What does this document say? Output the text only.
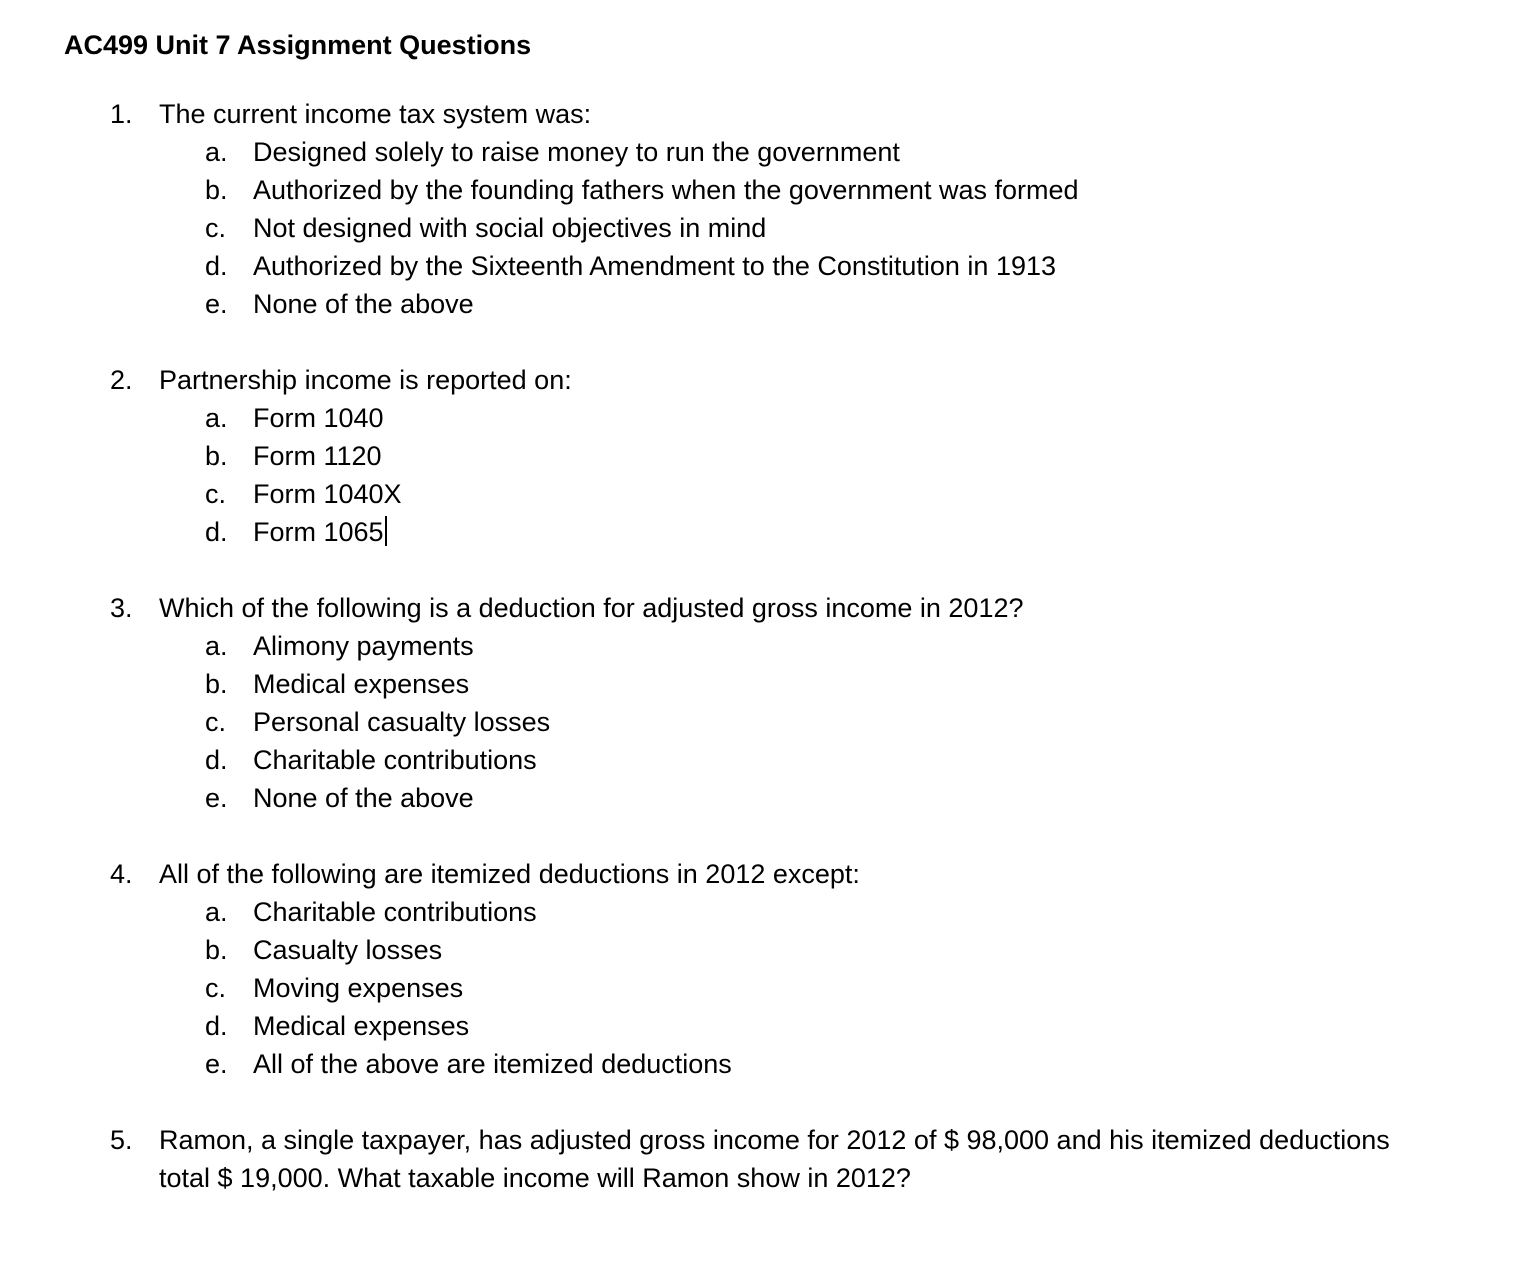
AC499 Unit 7 Assignment Questions
1. The current income tax system was:
a. Designed solely to raise money to run the government
b. Authorized by the founding fathers when the government was formed
c. Not designed with social objectives in mind
d. Authorized by the Sixteenth Amendment to the Constitution in 1913
e. None of the above
2. Partnership income is reported on:
a. Form 1040
b. Form 1120
c. Form 1040X
d. Form 1065
3. Which of the following is a deduction for adjusted gross income in 2012?
a. Alimony payments
b. Medical expenses
c. Personal casualty losses
d. Charitable contributions
e. None of the above
4. All of the following are itemized deductions in 2012 except:
a. Charitable contributions
b. Casualty losses
c. Moving expenses
d. Medical expenses
e. All of the above are itemized deductions
5. Ramon, a single taxpayer, has adjusted gross income for 2012 of $ 98,000 and his itemized deductions
total $ 19,000. What taxable income will Ramon show in 2012?
